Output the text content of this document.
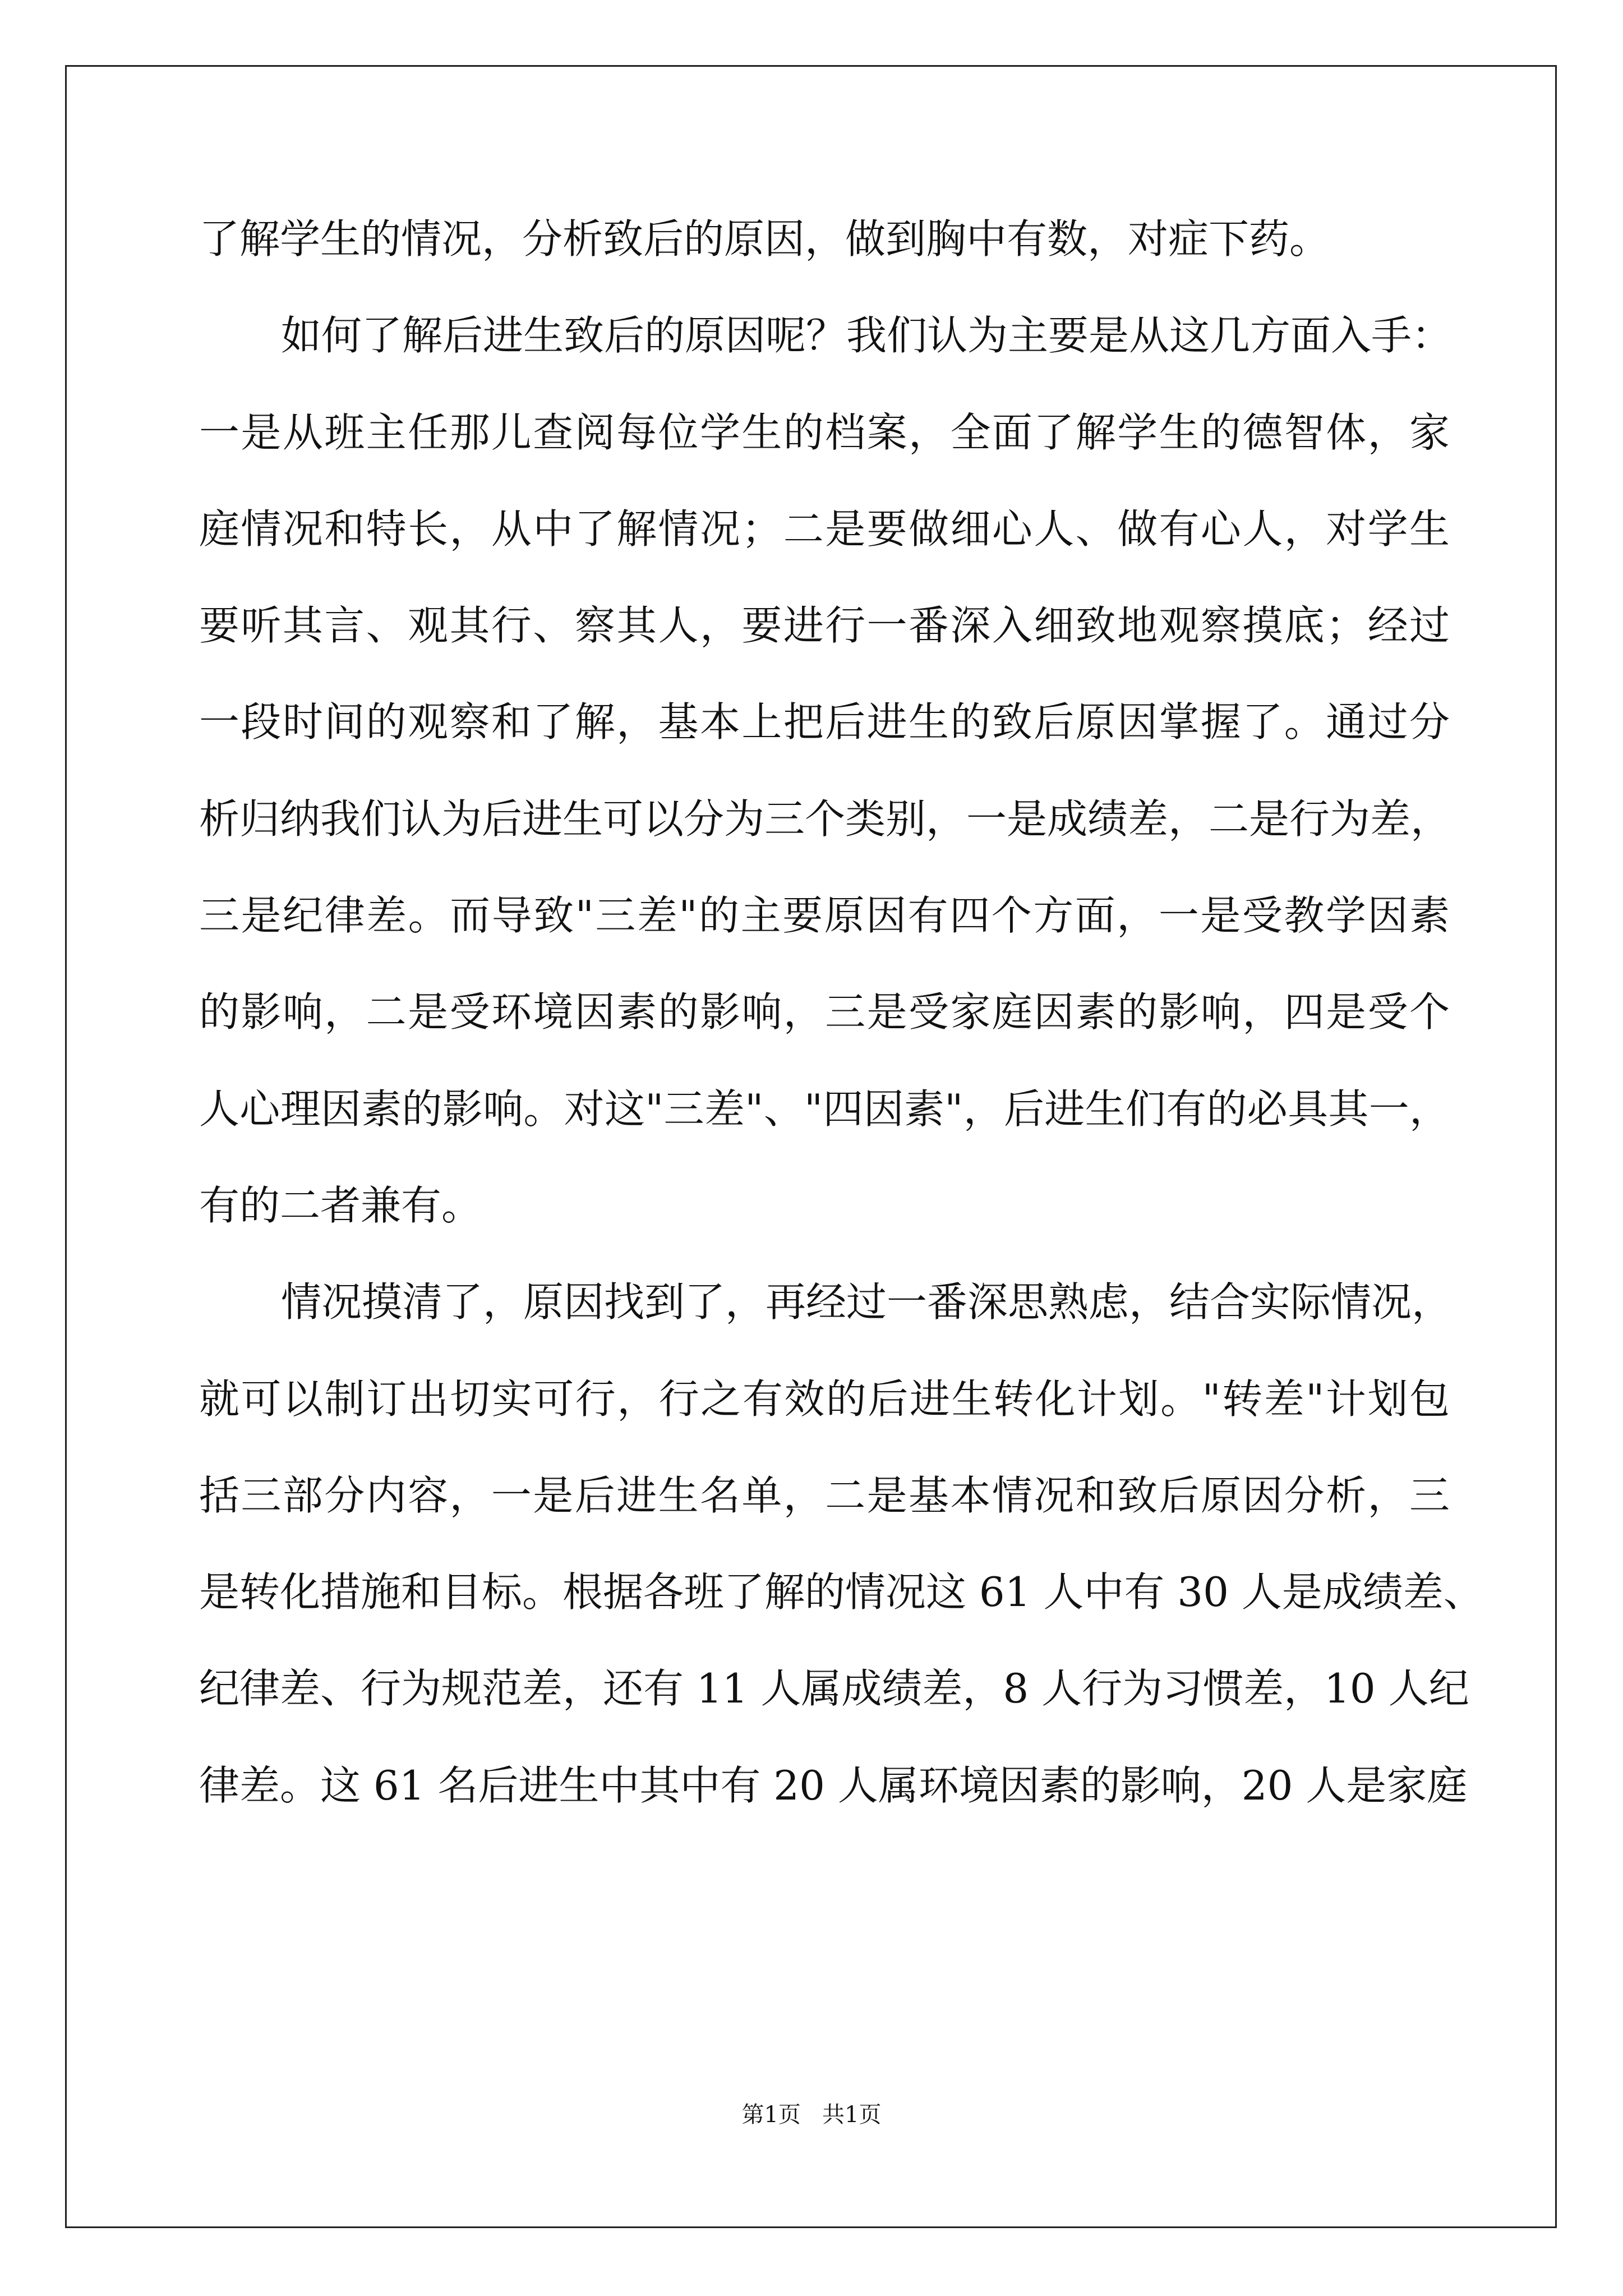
了解学生的情况，分析致后的原因，做到胸中有数，对症下药。
如何了解后进生致后的原因呢？我们认为主要是从这几方面入手：
一是从班主任那儿查阅每位学生的档案，全面了解学生的德智体，家
庭情况和特长，从中了解情况；二是要做细心人、做有心人，对学生
要听其言、观其行、察其人，要进行一番深入细致地观察摸底；经过
一段时间的观察和了解，基本上把后进生的致后原因掌握了。通过分
析归纳我们认为后进生可以分为三个类别，一是成绩差，二是行为差，
三是纪律差。而导致"三差"的主要原因有四个方面，一是受教学因素
的影响，二是受环境因素的影响，三是受家庭因素的影响，四是受个
人心理因素的影响。对这"三差"、"四因素"，后进生们有的必具其一，
有的二者兼有。
情况摸清了，原因找到了，再经过一番深思熟虑，结合实际情况，
就可以制订出切实可行，行之有效的后进生转化计划。"转差"计划包
括三部分内容，一是后进生名单，二是基本情况和致后原因分析，三
是转化措施和目标。根据各班了解的情况这 61 人中有 30 人是成绩差、
纪律差、行为规范差，还有 11 人属成绩差，8 人行为习惯差，10 人纪
律差。这 61 名后进生中其中有 20 人属环境因素的影响，20 人是家庭
第1页   共1页
